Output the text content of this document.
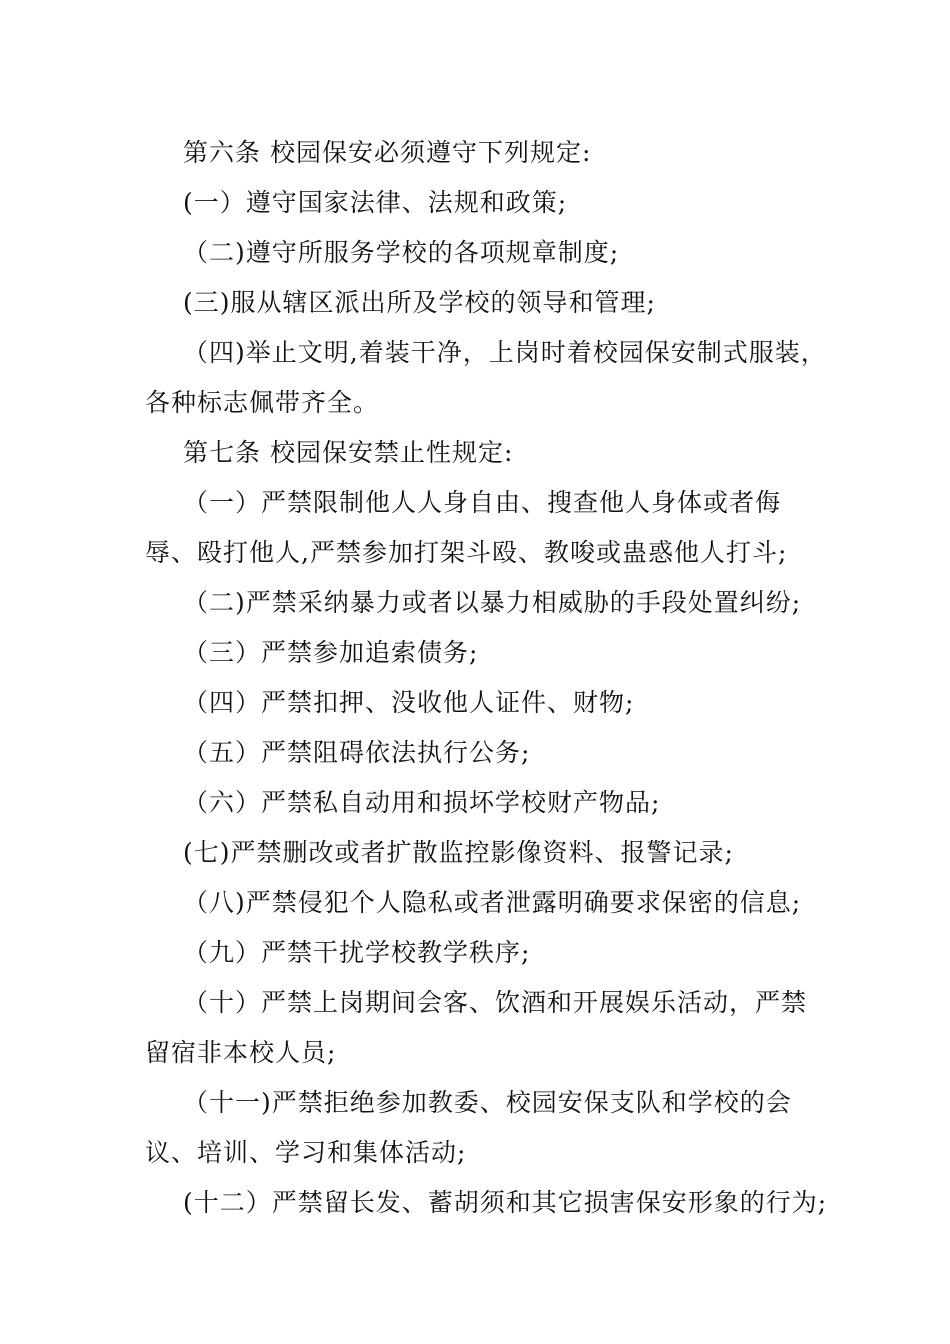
第六条 校园保安必须遵守下列规定:

(一）遵守国家法律、法规和政策;

（二)遵守所服务学校的各项规章制度;

(三)服从辖区派出所及学校的领导和管理;

（四)举止文明,着装干净，上岗时着校园保安制式服装，各种标志佩带齐全。

第七条 校园保安禁止性规定:

（一）严禁限制他人人身自由、搜查他人身体或者侮辱、殴打他人,严禁参加打架斗殴、教唆或蛊惑他人打斗;

（二)严禁采纳暴力或者以暴力相威胁的手段处置纠纷;

（三）严禁参加追索债务;

（四）严禁扣押、没收他人证件、财物;

（五）严禁阻碍依法执行公务;

（六）严禁私自动用和损坏学校财产物品;

(七)严禁删改或者扩散监控影像资料、报警记录;

（八)严禁侵犯个人隐私或者泄露明确要求保密的信息;

（九）严禁干扰学校教学秩序;

（十）严禁上岗期间会客、饮酒和开展娱乐活动，严禁留宿非本校人员;

（十一)严禁拒绝参加教委、校园安保支队和学校的会议、培训、学习和集体活动;

(十二）严禁留长发、蓄胡须和其它损害保安形象的行为;
